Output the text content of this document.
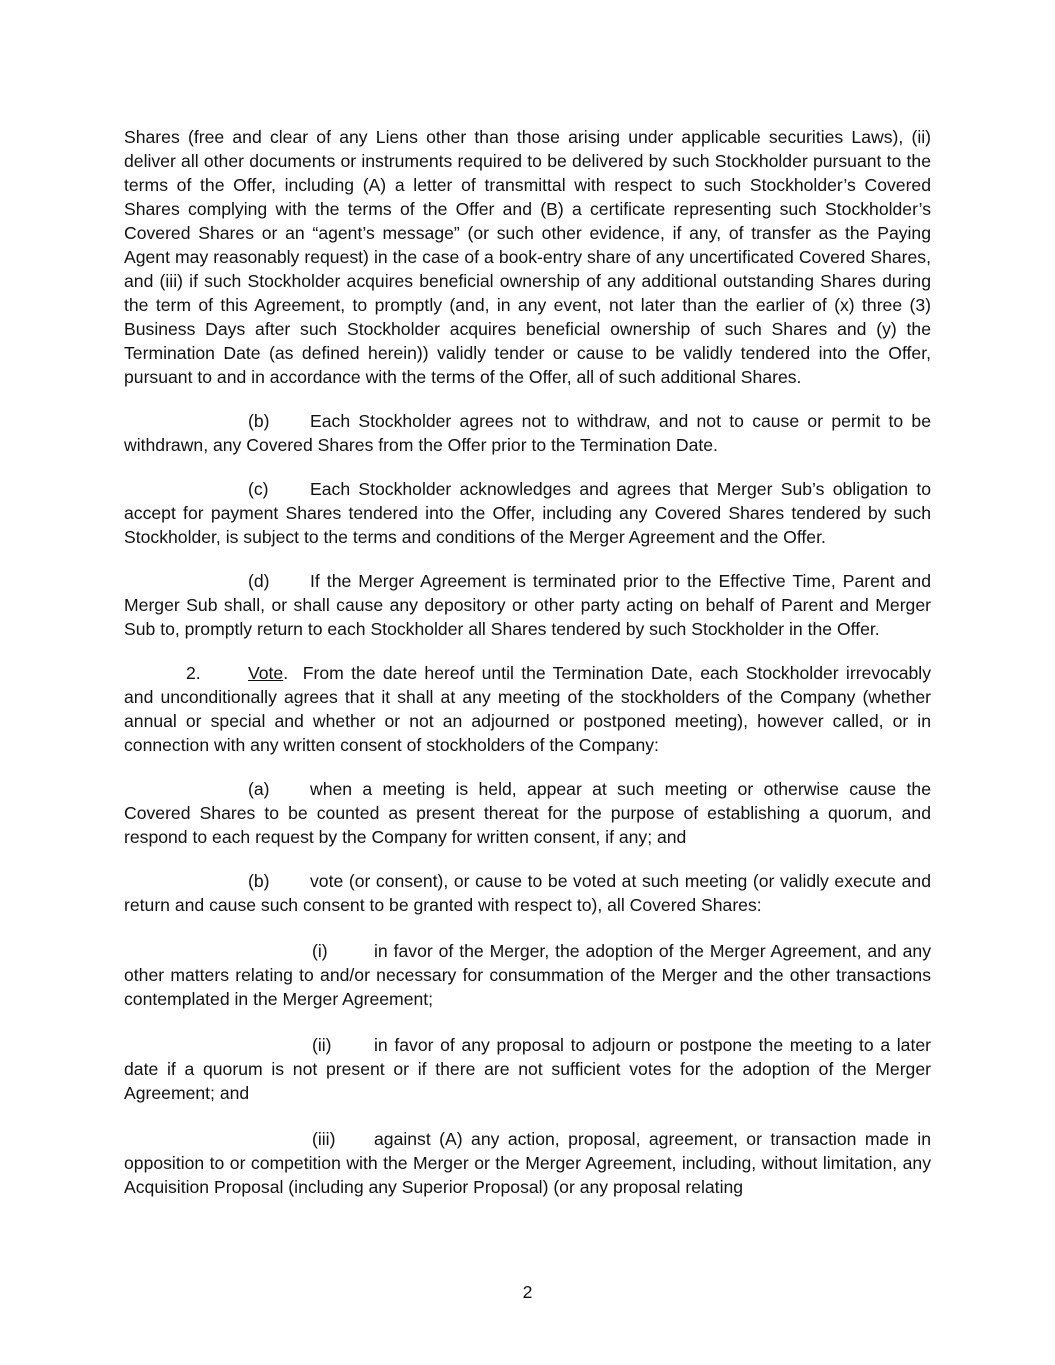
Shares (free and clear of any Liens other than those arising under applicable securities Laws), (ii) deliver all other documents or instruments required to be delivered by such Stockholder pursuant to the terms of the Offer, including (A) a letter of transmittal with respect to such Stockholder’s Covered Shares complying with the terms of the Offer and (B) a certificate representing such Stockholder’s Covered Shares or an “agent’s message” (or such other evidence, if any, of transfer as the Paying Agent may reasonably request) in the case of a book-entry share of any uncertificated Covered Shares, and (iii) if such Stockholder acquires beneficial ownership of any additional outstanding Shares during the term of this Agreement, to promptly (and, in any event, not later than the earlier of (x) three (3) Business Days after such Stockholder acquires beneficial ownership of such Shares and (y) the Termination Date (as defined herein)) validly tender or cause to be validly tendered into the Offer, pursuant to and in accordance with the terms of the Offer, all of such additional Shares.

(b) Each Stockholder agrees not to withdraw, and not to cause or permit to be withdrawn, any Covered Shares from the Offer prior to the Termination Date.

(c) Each Stockholder acknowledges and agrees that Merger Sub’s obligation to accept for payment Shares tendered into the Offer, including any Covered Shares tendered by such Stockholder, is subject to the terms and conditions of the Merger Agreement and the Offer.

(d) If the Merger Agreement is terminated prior to the Effective Time, Parent and Merger Sub shall, or shall cause any depository or other party acting on behalf of Parent and Merger Sub to, promptly return to each Stockholder all Shares tendered by such Stockholder in the Offer.

2.	Vote. From the date hereof until the Termination Date, each Stockholder irrevocably and unconditionally agrees that it shall at any meeting of the stockholders of the Company (whether annual or special and whether or not an adjourned or postponed meeting), however called, or in connection with any written consent of stockholders of the Company:

(a) when a meeting is held, appear at such meeting or otherwise cause the Covered Shares to be counted as present thereat for the purpose of establishing a quorum, and respond to each request by the Company for written consent, if any; and

(b) vote (or consent), or cause to be voted at such meeting (or validly execute and return and cause such consent to be granted with respect to), all Covered Shares:

(i)	in favor of the Merger, the adoption of the Merger Agreement, and any other matters relating to and/or necessary for consummation of the Merger and the other transactions contemplated in the Merger Agreement;

(ii) in favor of any proposal to adjourn or postpone the meeting to a later date if a quorum is not present or if there are not sufficient votes for the adoption of the Merger Agreement; and

(iii) against (A) any action, proposal, agreement, or transaction made in opposition to or competition with the Merger or the Merger Agreement, including, without limitation, any Acquisition Proposal (including any Superior Proposal) (or any proposal relating

2
